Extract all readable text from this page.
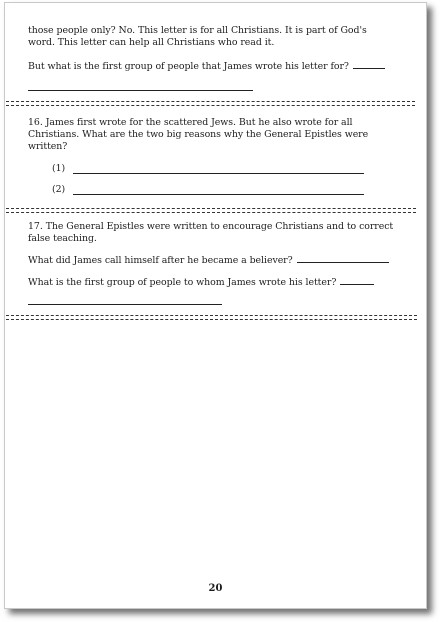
those people only? No. This letter is for all Christians. It is part of God's

word. This letter can help all Christians who read it.

But what is the first group of people that James wrote his letter for?

16. James first wrote for the scattered Jews. But he also wrote for all

Christians. What are the two big reasons why the General Epistles were

written?

(1)

(2)

17. The General Epistles were written to encourage Christians and to correct

false teaching.

What did James call himself after he became a believer?

What is the first group of people to whom James wrote his letter?

20
